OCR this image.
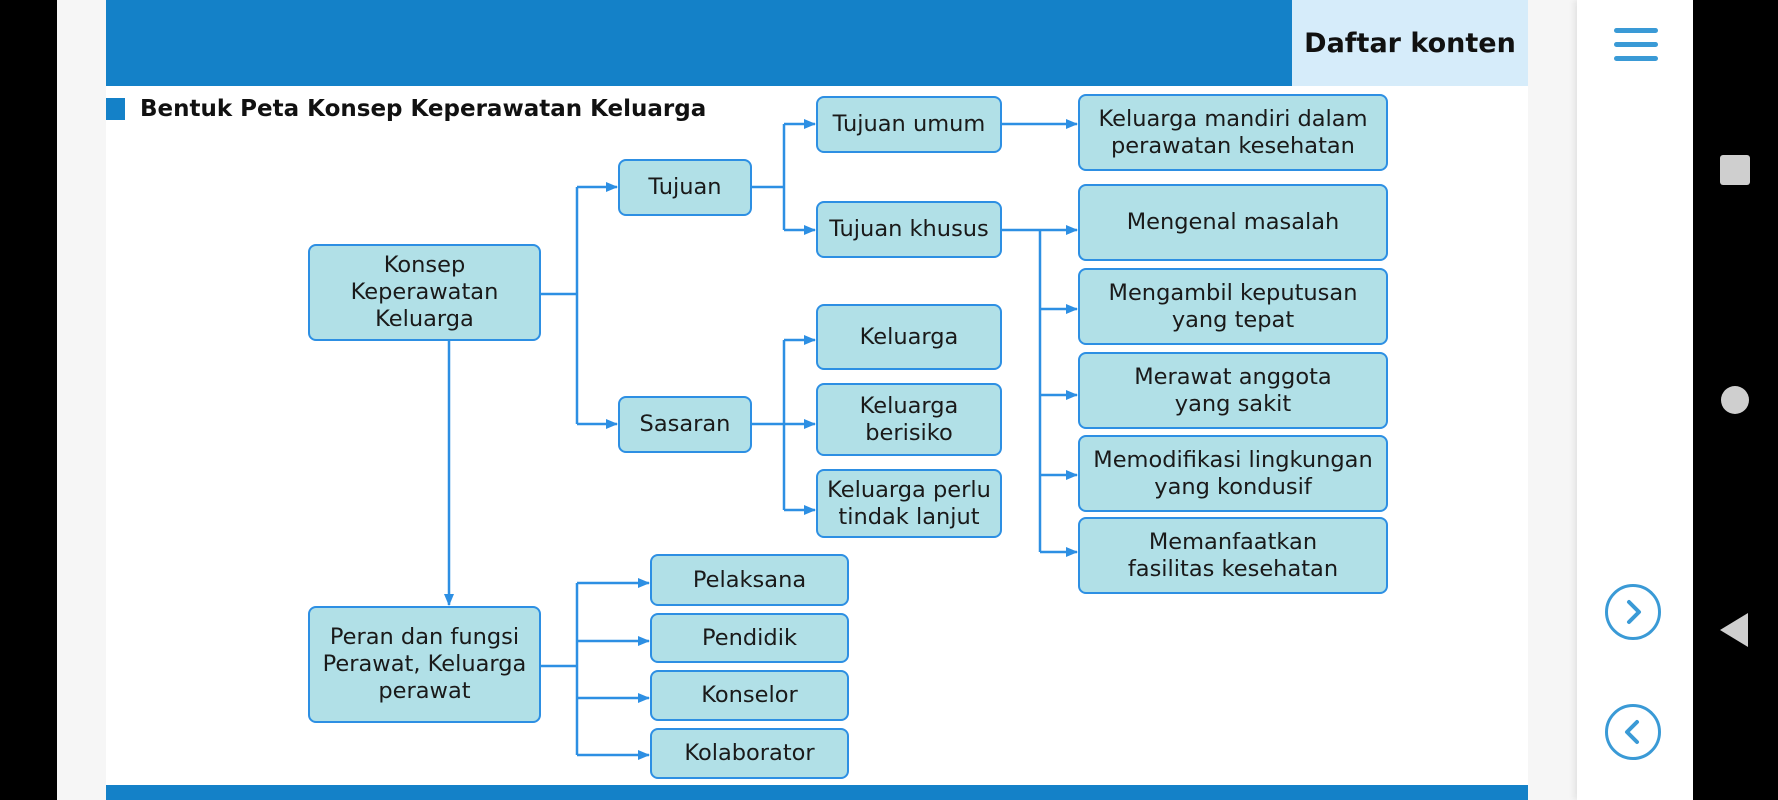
Daftar konten
Bentuk Peta Konsep Keperawatan Keluarga
Konsep
Keperawatan
Keluarga
Tujuan
Sasaran
Tujuan umum
Tujuan khusus
Keluarga mandiri dalam
perawatan kesehatan
Mengenal masalah
Mengambil keputusan
yang tepat
Merawat anggota
yang sakit
Memodifikasi lingkungan
yang kondusif
Memanfaatkan
fasilitas kesehatan
Keluarga
Keluarga
berisiko
Keluarga perlu
tindak lanjut
Peran dan fungsi
Perawat, Keluarga
perawat
Pelaksana
Pendidik
Konselor
Kolaborator
